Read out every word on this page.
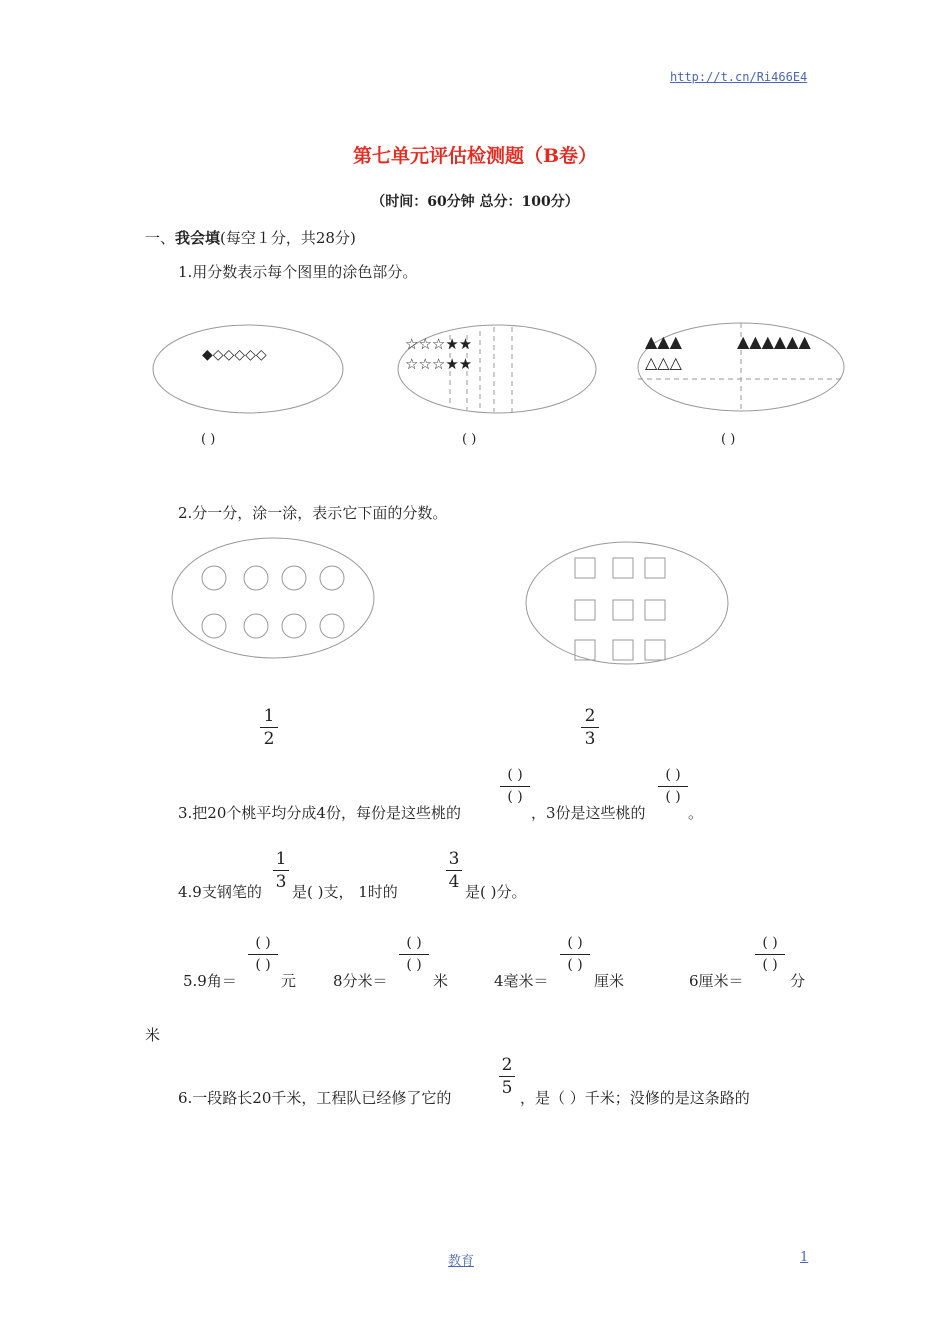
http://t.cn/Ri466E4
第七单元评估检测题（B卷）
（时间：60分钟 总分：100分）
一、我会填(每空１分，共28分)
1.用分数表示每个图里的涂色部分。
◆◇◇◇◇◇
☆☆☆★★
☆☆☆★★
▲▲▲	▲▲▲▲▲▲
△△△
( )	( )	( )
2.分一分，涂一涂，表示它下面的分数。
1
2
2
3
3.把20个桃平均分成4份，每份是这些桃的
( )
( )
，3份是这些桃的
( )
( )
。
4.9支钢笔的
1
3 是( )支， 1时的
3
4 是( )分。
5.9角＝
( )
( )
元 8分米＝
( )
( )
米	4毫米＝
( )
( )
厘米	6厘米＝
( )
( )
分
米
6.一段路长20千米，工程队已经修了它的
2
5 ，是（ ）千米；没修的是这条路的
教育	1
